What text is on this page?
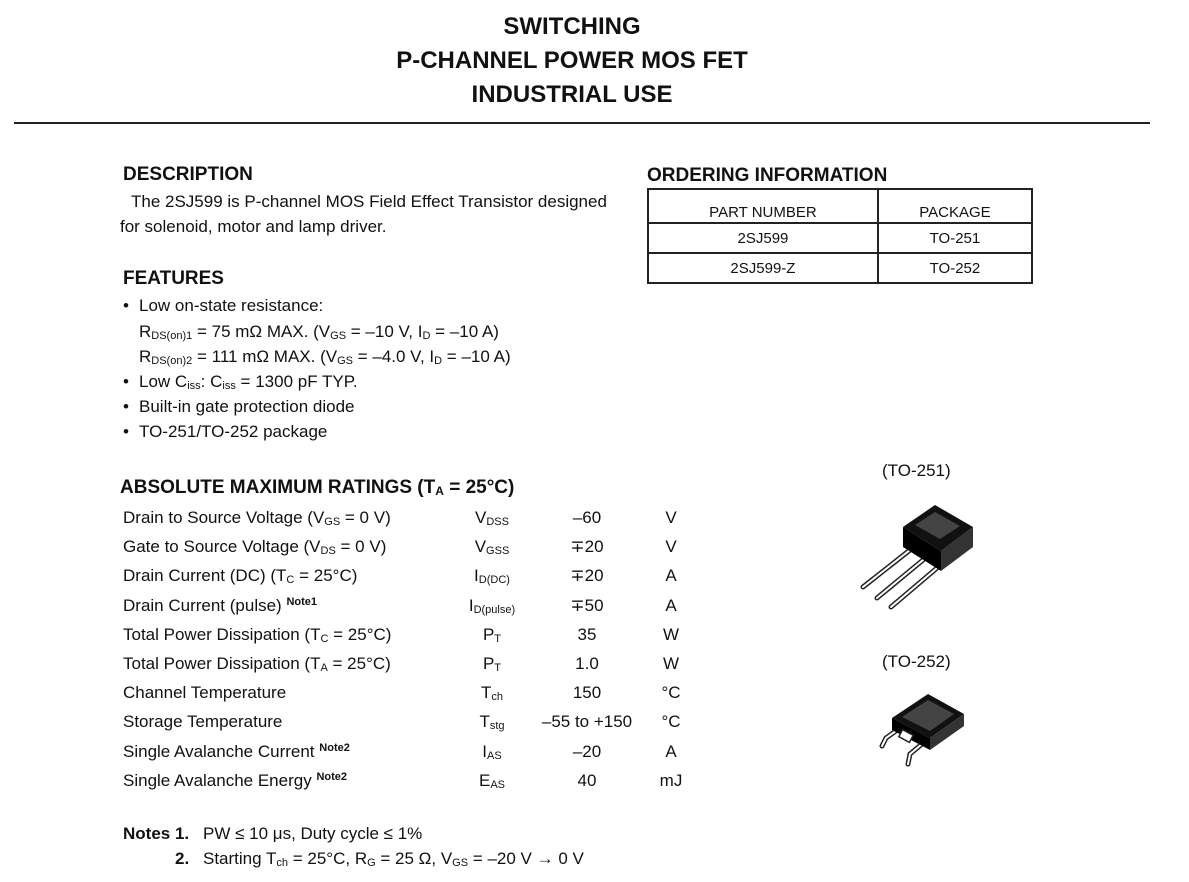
SWITCHING
P-CHANNEL POWER MOS FET
INDUSTRIAL USE
DESCRIPTION
The 2SJ599 is P-channel MOS Field Effect Transistor designed
for solenoid, motor and lamp driver.
FEATURES
• Low on-state resistance:
$R_{DS(on)1} = 75$ mΩ MAX. ($V_{GS} = -10$ V, $I_D = -10$ A)
$R_{DS(on)2} = 111$ mΩ MAX. ($V_{GS} = -4.0$ V, $I_D = -10$ A)
• Low $C_{iss}$: $C_{iss} = 1300$ pF TYP.
• Built-in gate protection diode
• TO-251/TO-252 package
ORDERING INFORMATION
PART NUMBER	PACKAGE
2SJ599	TO-251
2SJ599-Z	TO-252
ABSOLUTE MAXIMUM RATINGS $(T_A = 25^\circ C)$
Drain to Source Voltage ($V_{GS} = 0$ V)	$V_{DSS}$	–60	V
Gate to Source Voltage ($V_{DS} = 0$ V)	$V_{GSS}$	∓20	V
Drain Current (DC) $(T_C = 25^\circ C)$	$I_{D(DC)}$	∓20	A
Drain Current (pulse) $^{Note1}$	$I_{D(pulse)}$	∓50	A
Total Power Dissipation $(T_C = 25^\circ C)$	$P_T$	35	W
Total Power Dissipation $(T_A = 25^\circ C)$	$P_T$	1.0	W
Channel Temperature	$T_{ch}$	150	°C
Storage Temperature	$T_{stg}$	–55 to +150	°C
Single Avalanche Current $^{Note2}$	$I_{AS}$	–20	A
Single Avalanche Energy $^{Note2}$	$E_{AS}$	40	mJ
(TO-251)
(TO-252)
Notes 1. PW ≤ 10 μs, Duty cycle ≤ 1%
2. Starting $T_{ch} = 25^\circ C$, $R_G = 25$ Ω, $V_{GS} = -20$ V → 0 V
